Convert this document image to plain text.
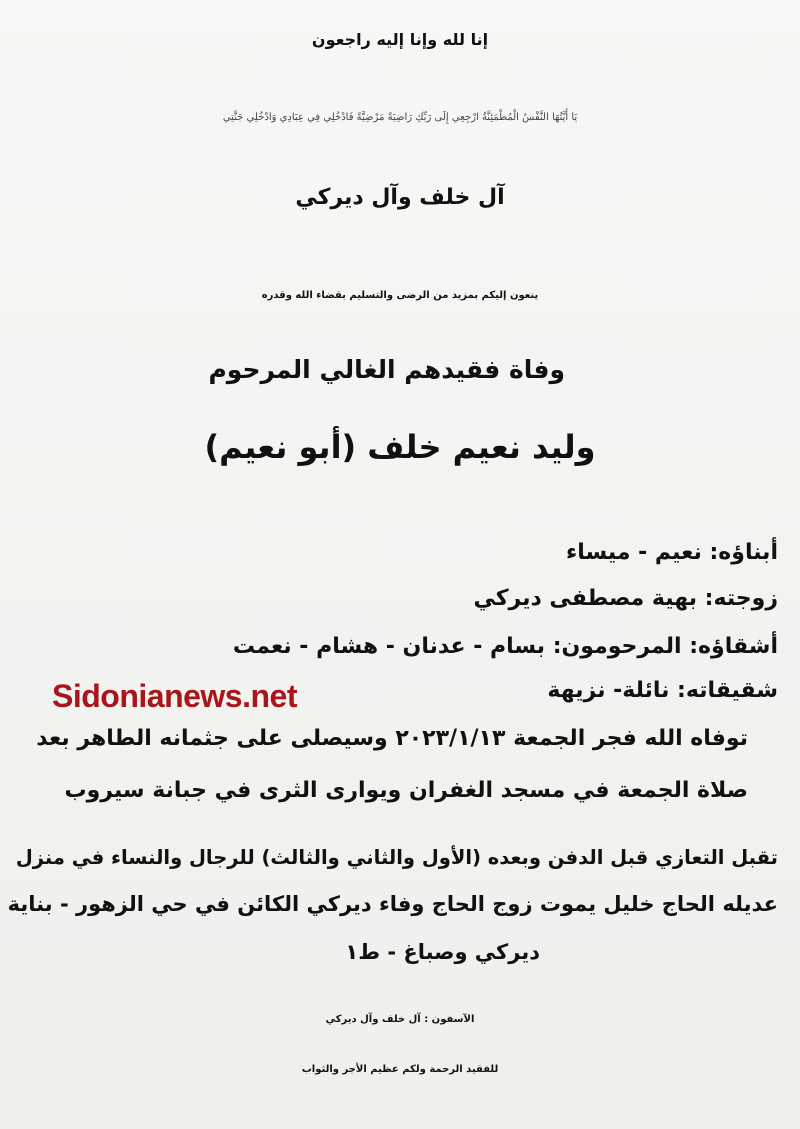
إنا لله وإنا إليه راجعون
يَا أَيَّتُهَا النَّفْسُ الْمُطْمَئِنَّةُ ارْجِعِي إِلَى رَبِّكِ رَاضِيَةً مَرْضِيَّةً فَادْخُلِي فِي عِبَادِي وَادْخُلِي جَنَّتِي
آل خلف وآل ديركي
ينعون إليكم بمزيد من الرضى والتسليم بقضاء الله وقدره
وفاة فقيدهم الغالي المرحوم
وليد نعيم خلف (أبو نعيم)
أبناؤه: نعيم - ميساء
زوجته: بهية مصطفى ديركي
أشقاؤه: المرحومون: بسام - عدنان - هشام - نعمت
شقيقاته: نائلة- نزيهة
Sidonianews.net
توفاه الله فجر الجمعة ٢٠٢٣/١/١٣ وسيصلى على جثمانه الطاهر بعد
صلاة الجمعة في مسجد الغفران ويوارى الثرى في جبانة سيروب
تقبل التعازي قبل الدفن وبعده (الأول والثاني والثالث) للرجال والنساء في منزل
عديله الحاج خليل يموت زوج الحاج وفاء ديركي الكائن في حي الزهور - بناية
ديركي وصباغ - ط١
الآسفون : آل خلف وآل ديركي
للفقيد الرحمة ولكم عظيم الأجر والثواب
